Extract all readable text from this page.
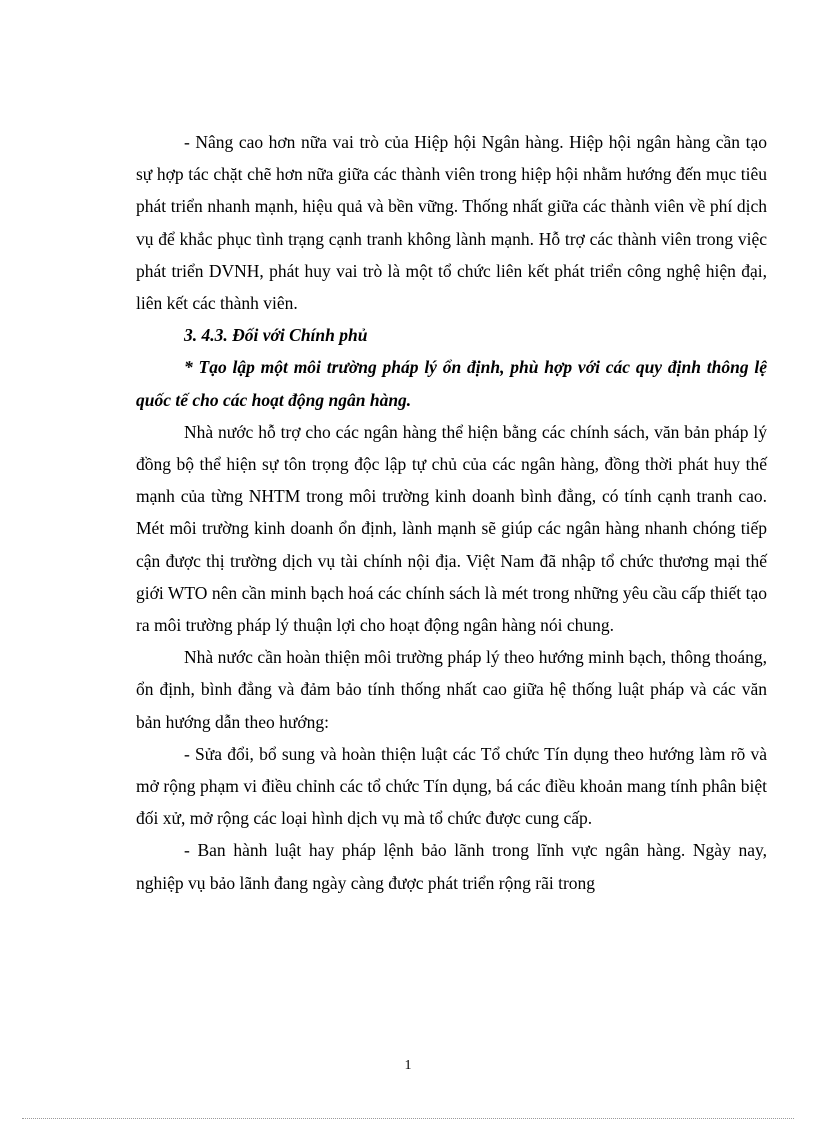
- Nâng cao hơn nữa vai trò của Hiệp hội Ngân hàng. Hiệp hội ngân hàng cần tạo sự hợp tác chặt chẽ hơn nữa giữa các thành viên trong hiệp hội nhằm hướng đến mục tiêu phát triển nhanh mạnh, hiệu quả và bền vững. Thống nhất giữa các thành viên về phí dịch vụ để khắc phục tình trạng cạnh tranh không lành mạnh. Hỗ trợ các thành viên trong việc phát triển DVNH, phát huy vai trò là một tổ chức liên kết phát triển công nghệ hiện đại, liên kết các thành viên.

3. 4.3. Đối với Chính phủ

* Tạo lập một môi trường pháp lý ổn định, phù hợp với các quy định thông lệ quốc tế cho các hoạt động ngân hàng.

Nhà nước hỗ trợ cho các ngân hàng thể hiện bằng các chính sách, văn bản pháp lý đồng bộ thể hiện sự tôn trọng độc lập tự chủ của các ngân hàng, đồng thời phát huy thế mạnh của từng NHTM trong môi trường kinh doanh bình đẳng, có tính cạnh tranh cao. Mét môi trường kinh doanh ổn định, lành mạnh sẽ giúp các ngân hàng nhanh chóng tiếp cận được thị trường dịch vụ tài chính nội địa. Việt Nam đã nhập tổ chức thương mại thế giới WTO nên cần minh bạch hoá các chính sách là mét trong những yêu cầu cấp thiết tạo ra môi trường pháp lý thuận lợi cho hoạt động ngân hàng nói chung.

Nhà nước cần hoàn thiện môi trường pháp lý theo hướng minh bạch, thông thoáng, ổn định, bình đẳng và đảm bảo tính thống nhất cao giữa hệ thống luật pháp và các văn bản hướng dẫn theo hướng:

- Sửa đổi, bổ sung và hoàn thiện luật các Tổ chức Tín dụng theo hướng làm rõ và mở rộng phạm vi điều chỉnh các tổ chức Tín dụng, bá các điều khoản mang tính phân biệt đối xử, mở rộng các loại hình dịch vụ mà tổ chức được cung cấp.

- Ban hành luật hay pháp lệnh bảo lãnh trong lĩnh vực ngân hàng. Ngày nay, nghiệp vụ bảo lãnh đang ngày càng được phát triển rộng rãi trong

1
